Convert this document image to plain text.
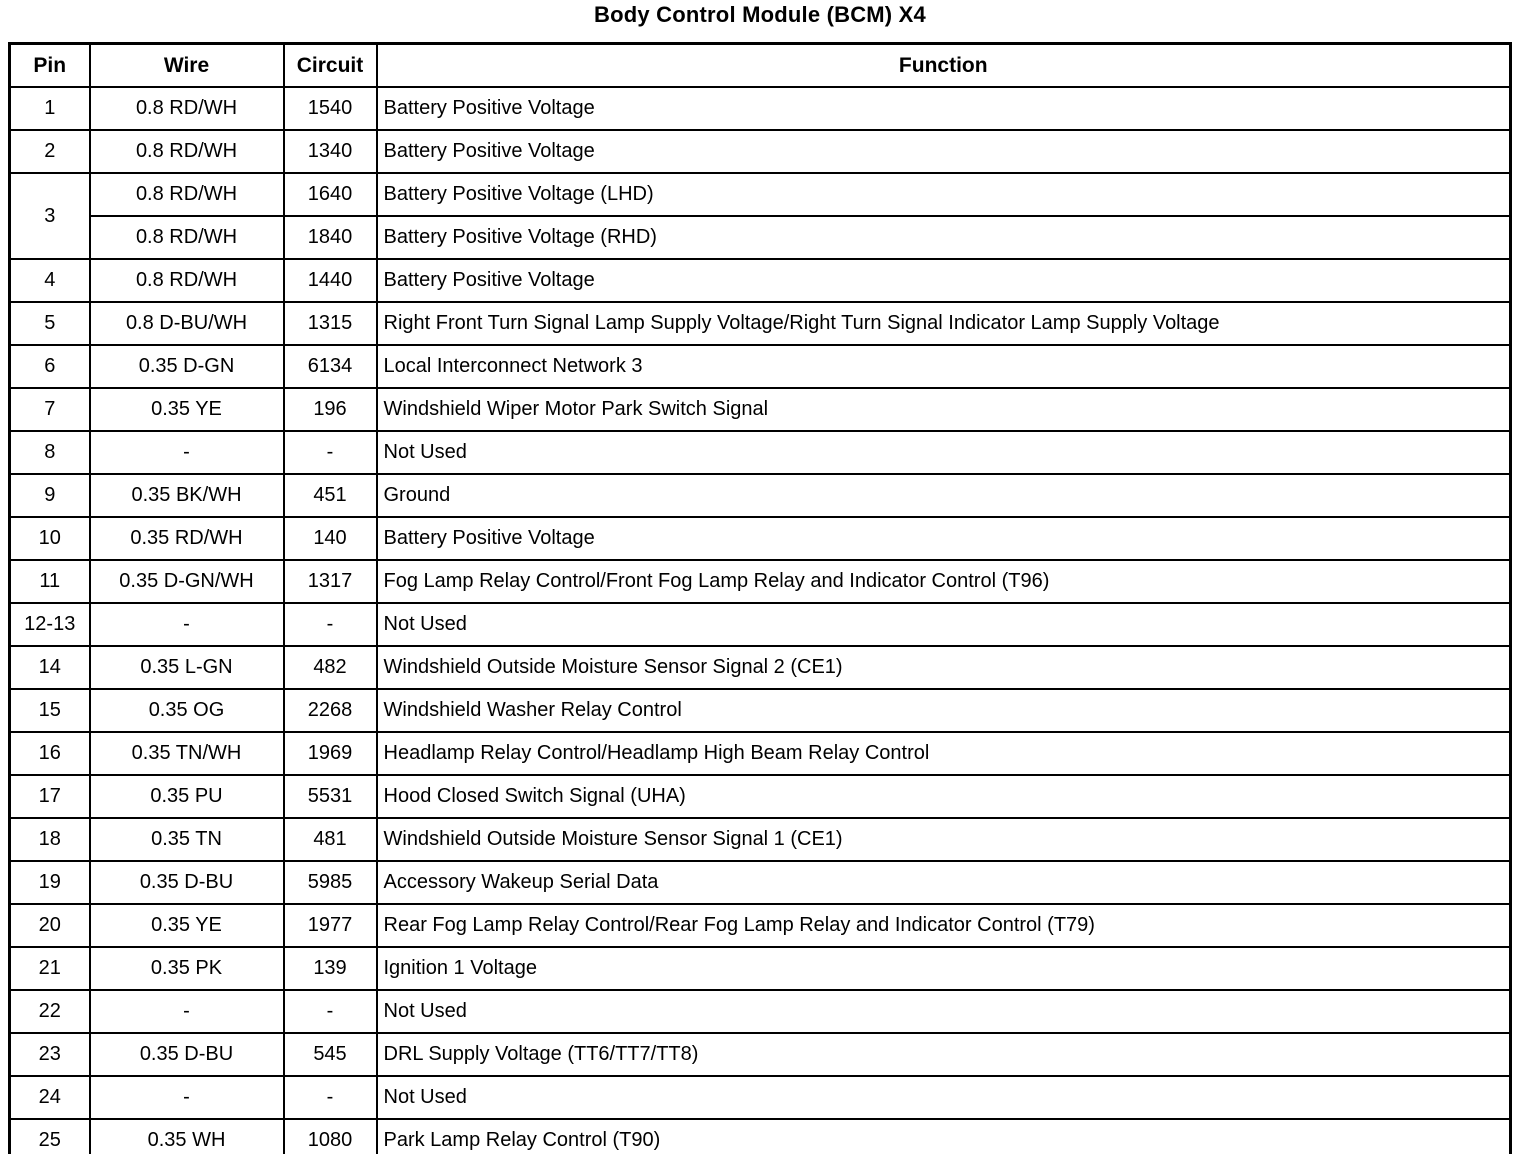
Body Control Module (BCM) X4
Pin	Wire	Circuit	Function
1	0.8 RD/WH	1540	Battery Positive Voltage
2	0.8 RD/WH	1340	Battery Positive Voltage
3	0.8 RD/WH	1640	Battery Positive Voltage (LHD)
	0.8 RD/WH	1840	Battery Positive Voltage (RHD)
4	0.8 RD/WH	1440	Battery Positive Voltage
5	0.8 D-BU/WH	1315	Right Front Turn Signal Lamp Supply Voltage/Right Turn Signal Indicator Lamp Supply Voltage
6	0.35 D-GN	6134	Local Interconnect Network 3
7	0.35 YE	196	Windshield Wiper Motor Park Switch Signal
8	-	-	Not Used
9	0.35 BK/WH	451	Ground
10	0.35 RD/WH	140	Battery Positive Voltage
11	0.35 D-GN/WH	1317	Fog Lamp Relay Control/Front Fog Lamp Relay and Indicator Control (T96)
12-13	-	-	Not Used
14	0.35 L-GN	482	Windshield Outside Moisture Sensor Signal 2 (CE1)
15	0.35 OG	2268	Windshield Washer Relay Control
16	0.35 TN/WH	1969	Headlamp Relay Control/Headlamp High Beam Relay Control
17	0.35 PU	5531	Hood Closed Switch Signal (UHA)
18	0.35 TN	481	Windshield Outside Moisture Sensor Signal 1 (CE1)
19	0.35 D-BU	5985	Accessory Wakeup Serial Data
20	0.35 YE	1977	Rear Fog Lamp Relay Control/Rear Fog Lamp Relay and Indicator Control (T79)
21	0.35 PK	139	Ignition 1 Voltage
22	-	-	Not Used
23	0.35 D-BU	545	DRL Supply Voltage (TT6/TT7/TT8)
24	-	-	Not Used
25	0.35 WH	1080	Park Lamp Relay Control (T90)
